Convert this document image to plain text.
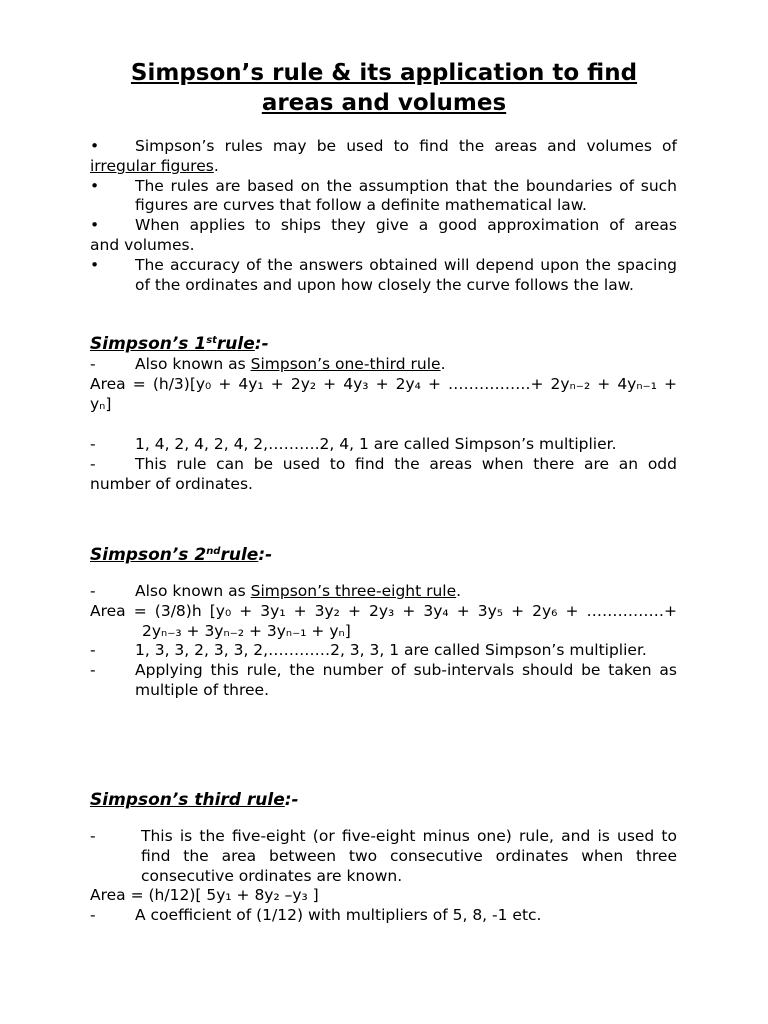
Simpson’s rule & its application to find
areas and volumes
•	Simpson’s rules may be used to find the areas and volumes of
irregular figures.
•	The rules are based on the assumption that the boundaries of such figures are curves that follow a definite mathematical law.
•	When applies to ships they give a good approximation of areas
and volumes.
•	The accuracy of the answers obtained will depend upon the spacing of the ordinates and upon how closely the curve follows the law.
Simpson’s 1strule:-
-	Also known as Simpson’s one-third rule.
Area = (h/3)[y₀ + 4y₁ + 2y₂ + 4y₃ + 2y₄ + …………….+ 2yₙ₋₂ + 4yₙ₋₁ +
yₙ]
-	1, 4, 2, 4, 2, 4, 2,……….2, 4, 1 are called Simpson’s multiplier.
-	This rule can be used to find the areas when there are an odd number of ordinates.
Simpson’s 2ndrule:-
-	Also known as Simpson’s three-eight rule.
Area = (3/8)h [y₀ + 3y₁ + 3y₂ + 2y₃ + 3y₄ + 3y₅ + 2y₆ + ……………+
2yₙ₋₃ + 3yₙ₋₂ + 3yₙ₋₁ + yₙ]
-	1, 3, 3, 2, 3, 3, 2,…………2, 3, 3, 1 are called Simpson’s multiplier.
-	Applying this rule, the number of sub-intervals should be taken as multiple of three.
Simpson’s third rule:-
-	This is the five-eight (or five-eight minus one) rule, and is used to find the area between two consecutive ordinates when three consecutive ordinates are known.
Area = (h/12)[ 5y₁ + 8y₂ –y₃ ]
-	A coefficient of (1/12) with multipliers of 5, 8, -1 etc.
